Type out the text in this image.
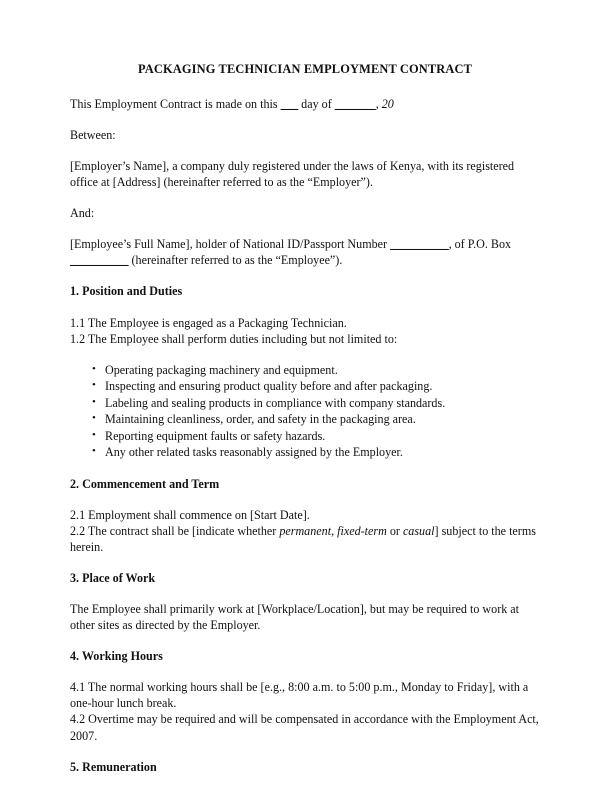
PACKAGING TECHNICIAN EMPLOYMENT CONTRACT

This Employment Contract is made on this ___ day of _______, 20

Between:

[Employer’s Name], a company duly registered under the laws of Kenya, with its registered office at [Address] (hereinafter referred to as the “Employer”).

And:

[Employee’s Full Name], holder of National ID/Passport Number __________, of P.O. Box __________ (hereinafter referred to as the “Employee”).

1. Position and Duties

1.1 The Employee is engaged as a Packaging Technician.

1.2 The Employee shall perform duties including but not limited to:

• Operating packaging machinery and equipment.
• Inspecting and ensuring product quality before and after packaging.
• Labeling and sealing products in compliance with company standards.
• Maintaining cleanliness, order, and safety in the packaging area.
• Reporting equipment faults or safety hazards.
• Any other related tasks reasonably assigned by the Employer.
2. Commencement and Term

2.1 Employment shall commence on [Start Date].

2.2 The contract shall be [indicate whether permanent, fixed-term or casual] subject to the terms herein.

3. Place of Work

The Employee shall primarily work at [Workplace/Location], but may be required to work at other sites as directed by the Employer.

4. Working Hours

4.1 The normal working hours shall be [e.g., 8:00 a.m. to 5:00 p.m., Monday to Friday], with a one-hour lunch break.

4.2 Overtime may be required and will be compensated in accordance with the Employment Act, 2007.

5. Remuneration
